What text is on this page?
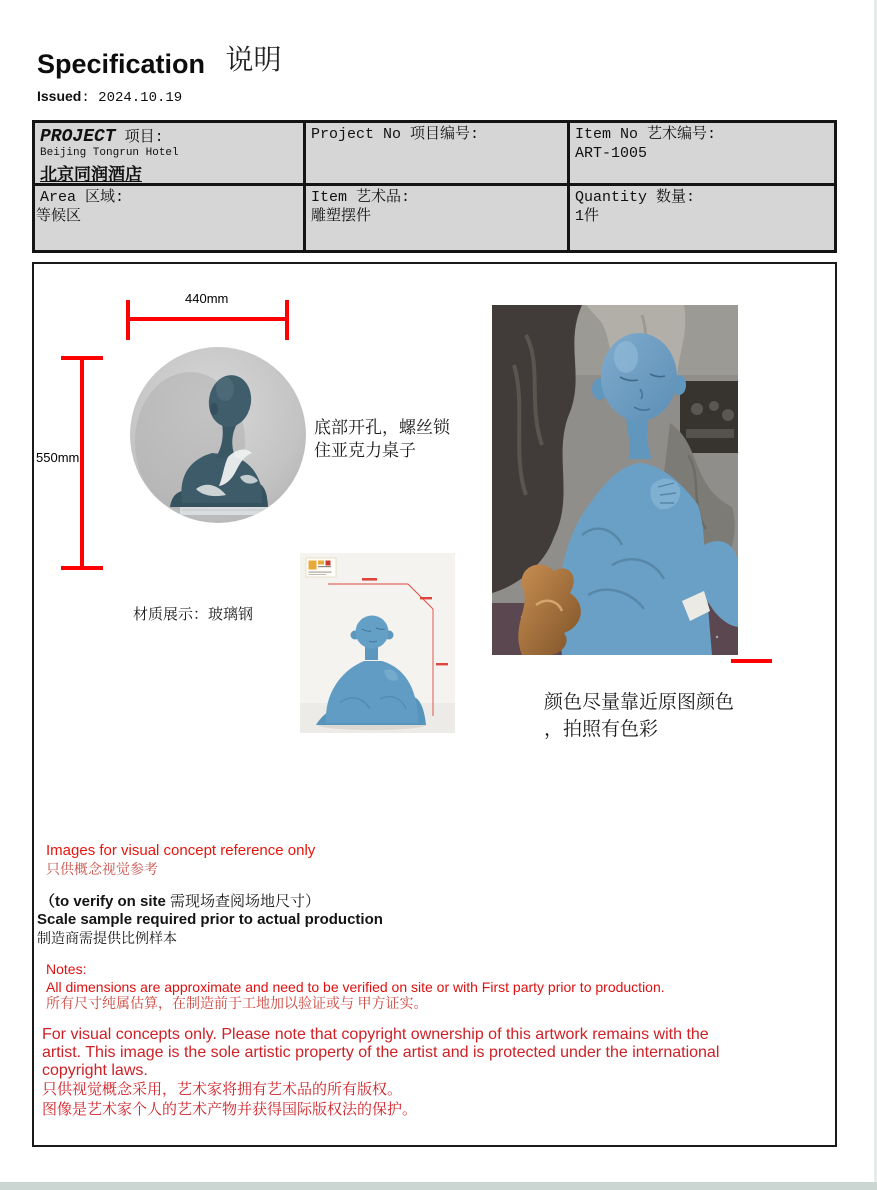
Specification 说明
Issued: 2024.10.19
PROJECT 项目:
Beijing Tongrun Hotel
北京同润酒店
Project No 项目编号:	Item No 艺术编号:
ART-1005
Area 区域:
等候区
Item 艺术品:
雕塑摆件
Quantity 数量:
1件
440mm
550mm
底部开孔，螺丝锁
住亚克力桌子
材质展示：玻璃钢
颜色尽量靠近原图颜色
，拍照有色彩
Images for visual concept reference only
只供概念视觉参考
（to verify on site 需现场查阅场地尺寸）
Scale sample required prior to actual production
制造商需提供比例样本
Notes:
All dimensions are approximate and need to be verified on site or with First party prior to production.
所有尺寸纯属估算，在制造前于工地加以验证或与 甲方证实。
For visual concepts only. Please note that copyright ownership of this artwork remains with the artist. This image is the sole artistic property of the artist and is protected under the international copyright laws.
只供视觉概念采用，艺术家将拥有艺术品的所有版权。
图像是艺术家个人的艺术产物并获得国际版权法的保护。
